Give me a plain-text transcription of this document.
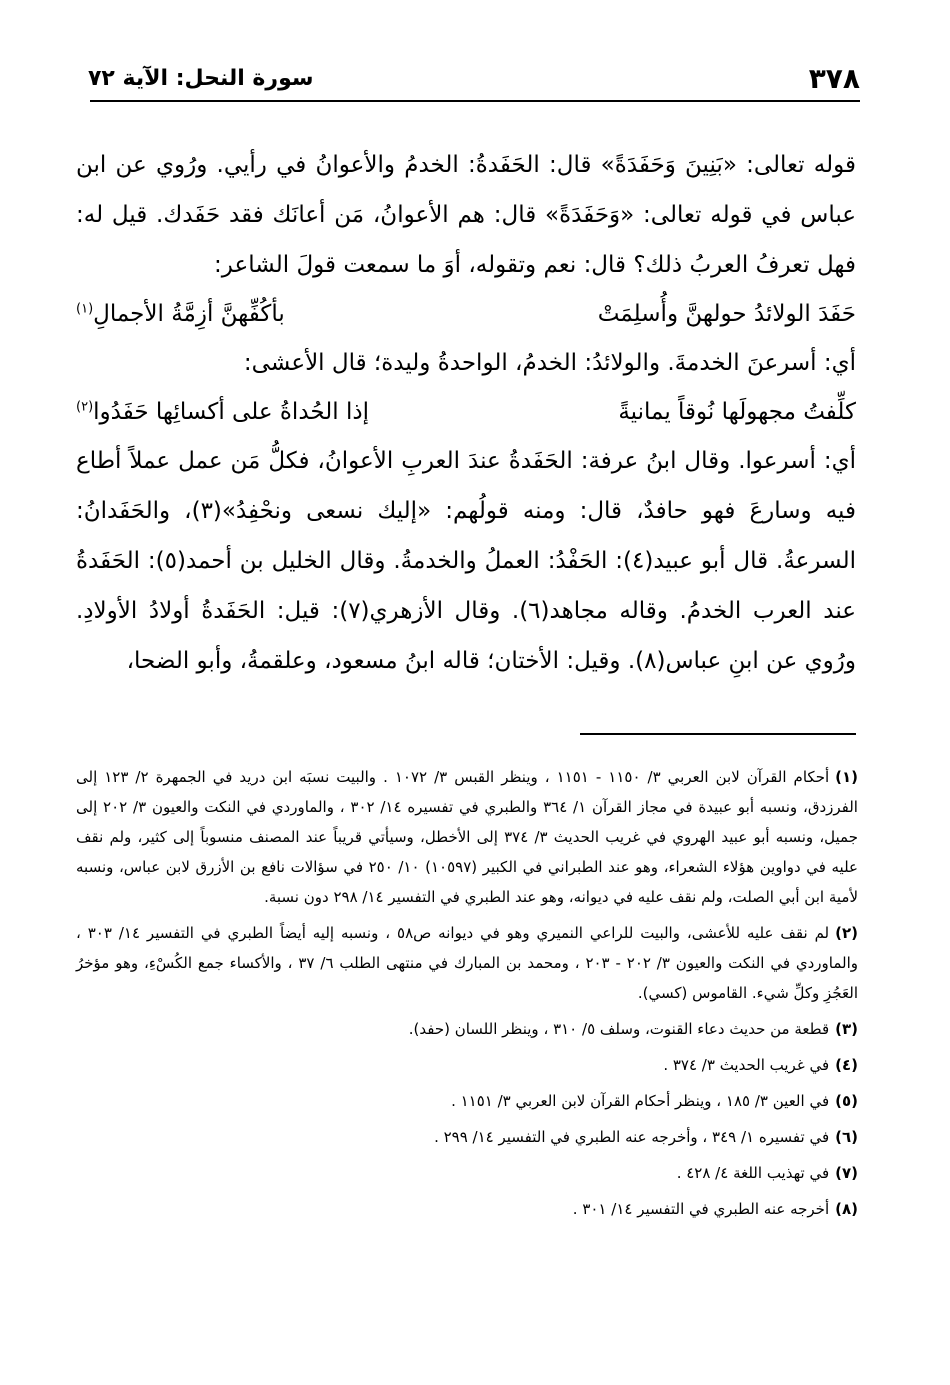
٣٧٨
سورة النحل: الآية ٧٢

قوله تعالى: «بَنِينَ وَحَفَدَةً» قال: الحَفَدةُ: الخدمُ والأعوانُ في رأيي. ورُوي عن ابن عباس في قوله تعالى: «وَحَفَدَةً» قال: هم الأعوانُ، مَن أعانَك فقد حَفَدك. قيل له: فهل تعرفُ العربُ ذلك؟ قال: نعم وتقوله، أوَ ما سمعت قولَ الشاعر:

حَفَدَ الولائدُ حولهنَّ وأُسلِمَتْ
بأكُفِّهنَّ أزِمَّةُ الأجمالِ$^{(١)}$

أي: أسرعنَ الخدمةَ. والولائدُ: الخدمُ، الواحدةُ وليدة؛ قال الأعشى:

كلِّفتُ مجهولَها نُوقاً يمانيةً
إذا الحُداةُ على أكسائِها حَفَدُوا$^{(٢)}$

أي: أسرعوا. وقال ابنُ عرفة: الحَفَدةُ عندَ العربِ الأعوانُ، فكلُّ مَن عمل عملاً أطاع فيه وسارعَ فهو حافدٌ، قال: ومنه قولُهم: «إليك نسعى ونحْفِدُ»(٣)، والحَفَدانُ: السرعةُ. قال أبو عبيد(٤): الحَفْدُ: العملُ والخدمةُ. وقال الخليل بن أحمد(٥): الحَفَدةُ عند العرب الخدمُ. وقاله مجاهد(٦). وقال الأزهري(٧): قيل: الحَفَدةُ أولادُ الأولادِ. ورُوي عن ابنِ عباس(٨). وقيل: الأختان؛ قاله ابنُ مسعود، وعلقمةُ، وأبو الضحا،

(١)أحكام القرآن لابن العربي ٣/ ١١٥٠ - ١١٥١ ، وينظر القبس ٣/ ١٠٧٢ . والبيت نسبَه ابن دريد في الجمهرة ٢/ ١٢٣ إلى الفرزدق، ونسبه أبو عبيدة في مجاز القرآن ١/ ٣٦٤ والطبري في تفسيره ١٤/ ٣٠٢ ، والماوردي في النكت والعيون ٣/ ٢٠٢ إلى جميل، ونسبه أبو عبيد الهروي في غريب الحديث ٣/ ٣٧٤ إلى الأخطل، وسيأتي قريباً عند المصنف منسوباً إلى كثير، ولم نقف عليه في دواوين هؤلاء الشعراء، وهو عند الطبراني في الكبير (١٠٥٩٧) ١٠/ ٢٥٠ في سؤالات نافع بن الأزرق لابن عباس، ونسبه لأمية ابن أبي الصلت، ولم نقف عليه في ديوانه، وهو عند الطبري في التفسير ١٤/ ٢٩٨ دون نسبة.

(٢)لم نقف عليه للأعشى، والبيت للراعي النميري وهو في ديوانه ص٥٨ ، ونسبه إليه أيضاً الطبري في التفسير ١٤/ ٣٠٣ ، والماوردي في النكت والعيون ٣/ ٢٠٢ - ٢٠٣ ، ومحمد بن المبارك في منتهى الطلب ٦/ ٣٧ ، والأكساء جمع الكُسْءِ، وهو مؤخرُ العَجُزِ وكلِّ شيء. القاموس (كسي).

(٣)قطعة من حديث دعاء القنوت، وسلف ٥/ ٣١٠ ، وينظر اللسان (حفد).

(٤)في غريب الحديث ٣/ ٣٧٤ .

(٥)في العين ٣/ ١٨٥ ، وينظر أحكام القرآن لابن العربي ٣/ ١١٥١ .

(٦)في تفسيره ١/ ٣٤٩ ، وأخرجه عنه الطبري في التفسير ١٤/ ٢٩٩ .

(٧)في تهذيب اللغة ٤/ ٤٢٨ .

(٨)أخرجه عنه الطبري في التفسير ١٤/ ٣٠١ .
